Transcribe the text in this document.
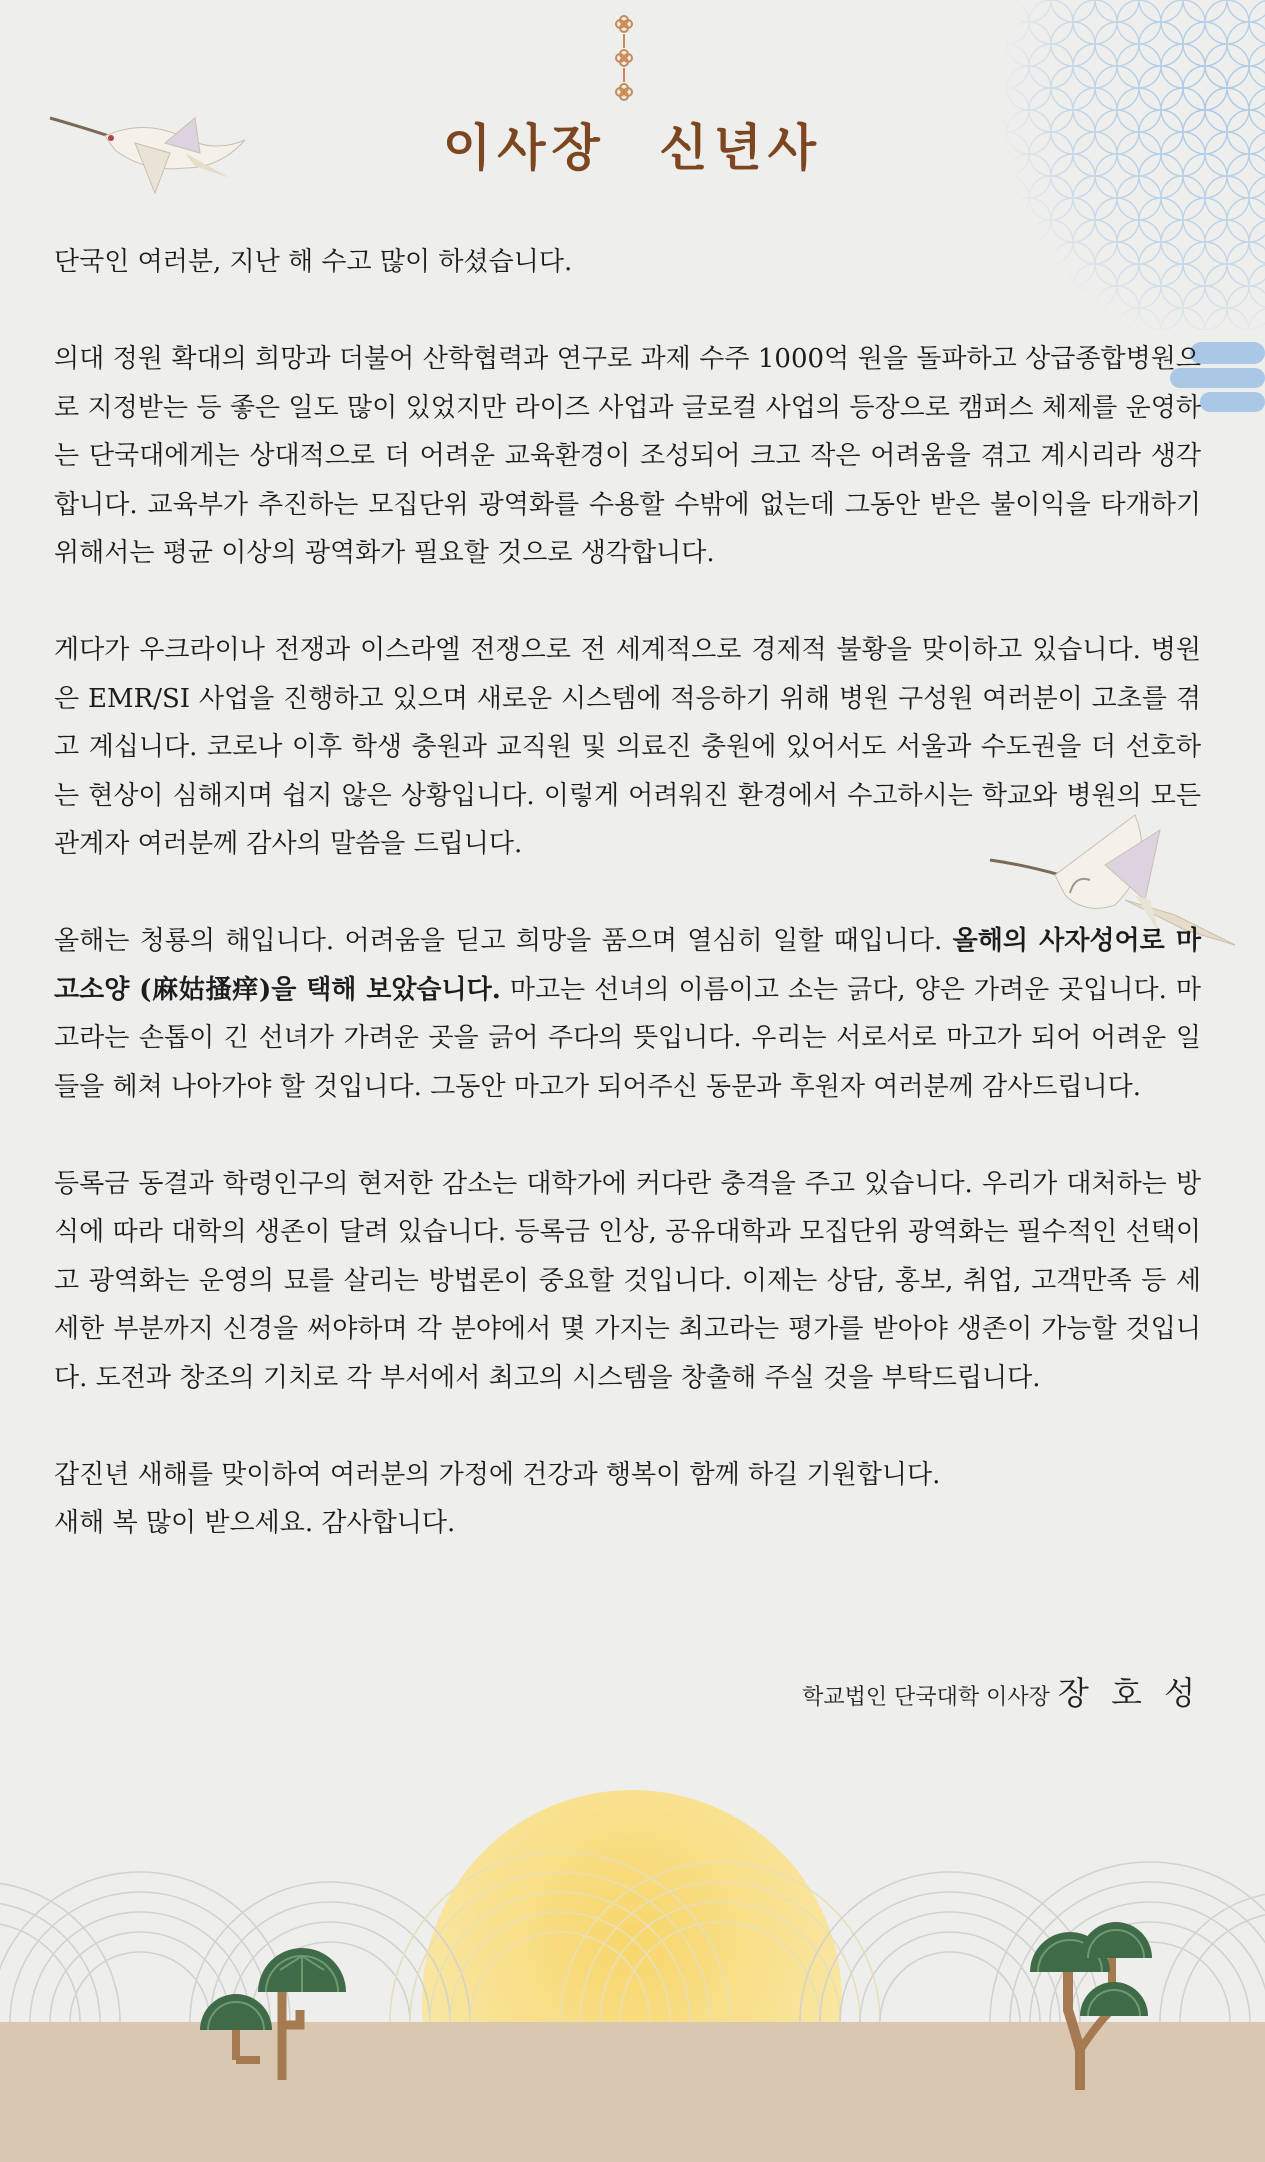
이사장 신년사

단국인 여러분, 지난 해 수고 많이 하셨습니다.

의대 정원 확대의 희망과 더불어 산학협력과 연구로 과제 수주 1000억 원을 돌파하고 상급종합병원으로 지정받는 등 좋은 일도 많이 있었지만 라이즈 사업과 글로컬 사업의 등장으로 캠퍼스 체제를 운영하는 단국대에게는 상대적으로 더 어려운 교육환경이 조성되어 크고 작은 어려움을 겪고 계시리라 생각합니다. 교육부가 추진하는 모집단위 광역화를 수용할 수밖에 없는데 그동안 받은 불이익을 타개하기 위해서는 평균 이상의 광역화가 필요할 것으로 생각합니다.

게다가 우크라이나 전쟁과 이스라엘 전쟁으로 전 세계적으로 경제적 불황을 맞이하고 있습니다. 병원은 EMR/SI 사업을 진행하고 있으며 새로운 시스템에 적응하기 위해 병원 구성원 여러분이 고초를 겪고 계십니다. 코로나 이후 학생 충원과 교직원 및 의료진 충원에 있어서도 서울과 수도권을 더 선호하는 현상이 심해지며 쉽지 않은 상황입니다. 이렇게 어려워진 환경에서 수고하시는 학교와 병원의 모든 관계자 여러분께 감사의 말씀을 드립니다.

올해는 청룡의 해입니다. 어려움을 딛고 희망을 품으며 열심히 일할 때입니다. 올해의 사자성어로 마고소양 (麻姑搔痒)을 택해 보았습니다. 마고는 선녀의 이름이고 소는 긁다, 양은 가려운 곳입니다. 마고라는 손톱이 긴 선녀가 가려운 곳을 긁어 주다의 뜻입니다. 우리는 서로서로 마고가 되어 어려운 일들을 헤쳐 나아가야 할 것입니다. 그동안 마고가 되어주신 동문과 후원자 여러분께 감사드립니다.

등록금 동결과 학령인구의 현저한 감소는 대학가에 커다란 충격을 주고 있습니다. 우리가 대처하는 방식에 따라 대학의 생존이 달려 있습니다. 등록금 인상, 공유대학과 모집단위 광역화는 필수적인 선택이고 광역화는 운영의 묘를 살리는 방법론이 중요할 것입니다. 이제는 상담, 홍보, 취업, 고객만족 등 세세한 부분까지 신경을 써야하며 각 분야에서 몇 가지는 최고라는 평가를 받아야 생존이 가능할 것입니다. 도전과 창조의 기치로 각 부서에서 최고의 시스템을 창출해 주실 것을 부탁드립니다.

갑진년 새해를 맞이하여 여러분의 가정에 건강과 행복이 함께 하길 기원합니다.

새해 복 많이 받으세요. 감사합니다.

학교법인 단국대학 이사장 장 호 성
